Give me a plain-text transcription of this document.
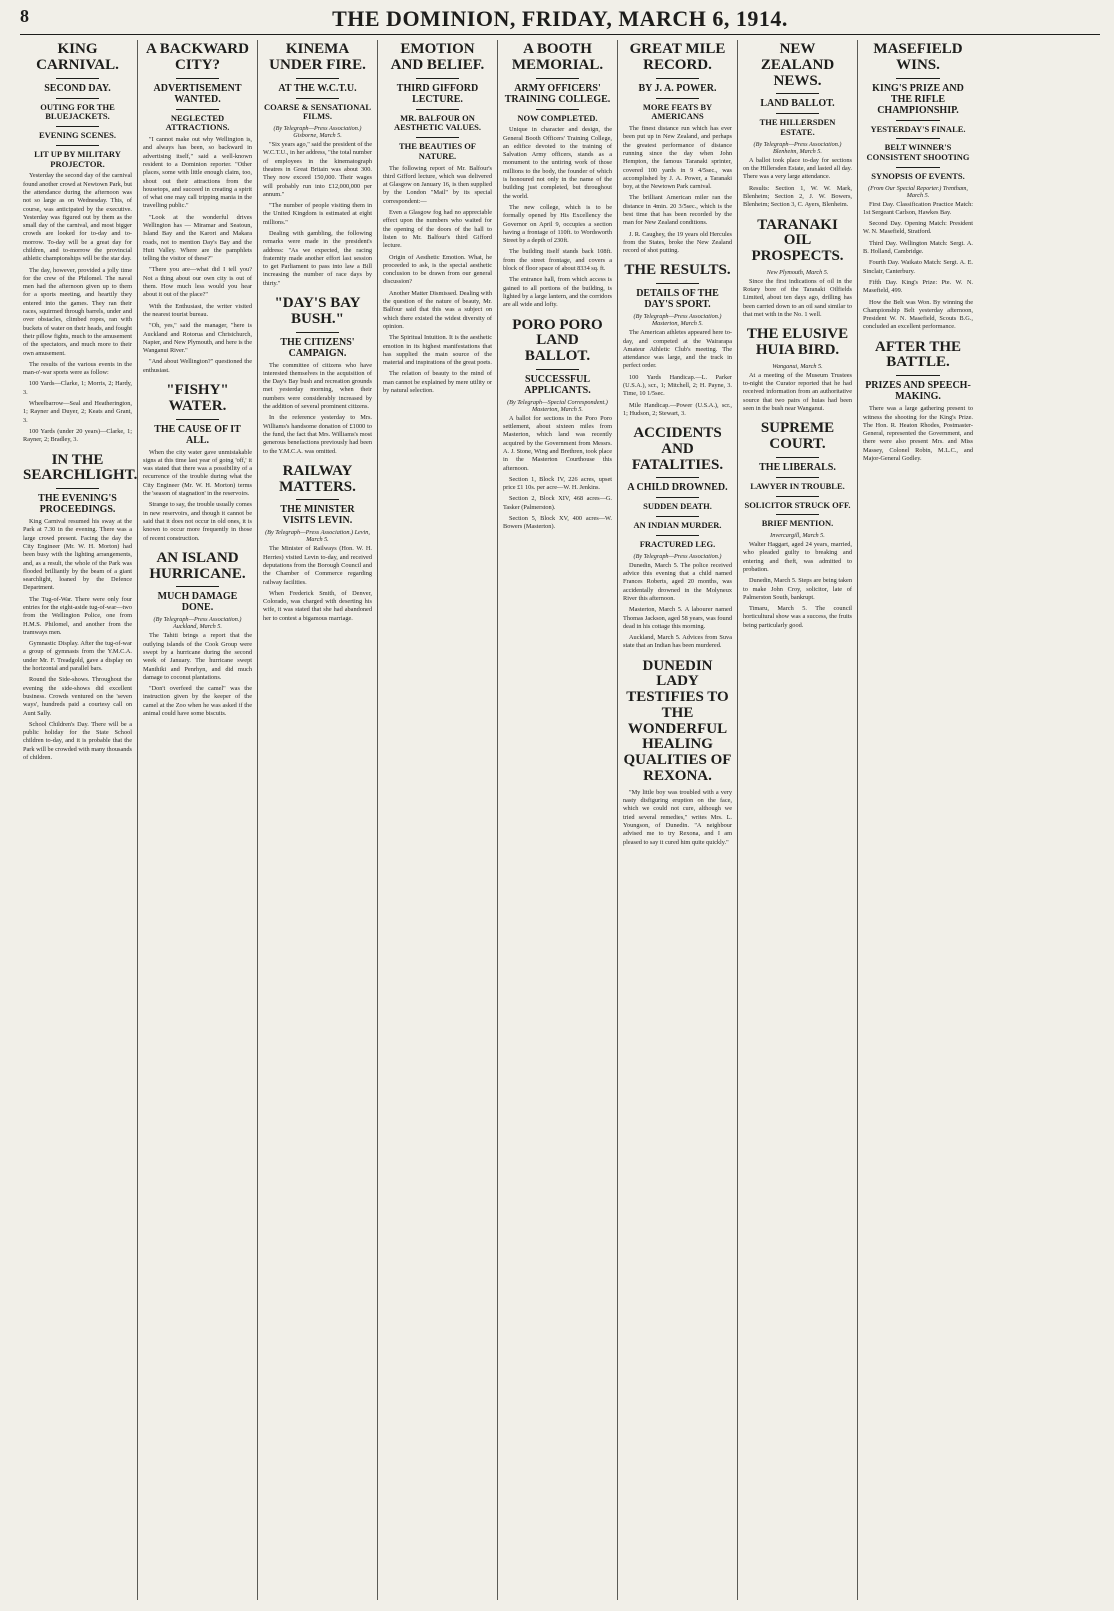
8	THE DOMINION, FRIDAY, MARCH 6, 1914.
KING CARNIVAL.
SECOND DAY.
OUTING FOR THE BLUEJACKETS.
EVENING SCENES.
LIT UP BY MILITARY PROJECTOR.

Yesterday the second day of the carnival found another crowd at Newtown Park, but the attendance during the afternoon was not so large as on Wednesday. This, of course, was anticipated by the executive. Yesterday was figured out by them as the small day of the carnival, and most bigger crowds are looked for to-day and to-morrow. To-day will be a great day for children, and to-morrow the provincial athletic championships will be the star day.

The day, however, provided a jolly time for the crew of the Philomel. The naval men had the afternoon given up to them for a sports meeting, and heartily they entered into the games. They ran their races, squirmed through barrels, under and over obstacles, climbed ropes, ran with buckets of water on their heads, and fought their pillow fights, much to the amusement of the spectators, and much more to their own amusement.

The results of the various events in the man-o'-war sports were as follow:

100 Yards—Clarke, 1; Morris, 2; Hardy, 3.

Wheelbarrow—Seal and Heatherington, 1; Rayner and Duyer, 2; Keats and Grant, 3.

100 Yards (under 20 years)—Clarke, 1; Rayner, 2; Bradley, 3.

IN THE SEARCHLIGHT.
THE EVENING'S PROCEEDINGS.

King Carnival resumed his sway at the Park at 7.30 in the evening. There was a large crowd present. Facing the day the City Engineer (Mr. W. H. Morton) had been busy with the lighting arrangements, and, as a result, the whole of the Park was flooded brilliantly by the beam of a giant searchlight, loaned by the Defence Department.

The Tug-of-War. There were only four entries for the eight-aside tug-of-war—two from the Wellington Police, one from H.M.S. Philomel, and another from the tramways men.

Gymnastic Display. After the tug-of-war a group of gymnasts from the Y.M.C.A. under Mr. F. Treadgold, gave a display on the horizontal and parallel bars.

Round the Side-shows. Throughout the evening the side-shows did excellent business. Crowds ventured on the 'seven ways', hundreds paid a courtesy call on Aunt Sally.

School Children's Day. There will be a public holiday for the State School children to-day, and it is probable that the Park will be crowded with many thousands of children.

A BACKWARD CITY?
ADVERTISEMENT WANTED.
NEGLECTED ATTRACTIONS.

"I cannot make out why Wellington is, and always has been, so backward in advertising itself," said a well-known resident to a Dominion reporter. "Other places, some with little enough claim, too, shout out their attractions from the housetops, and succeed in creating a spirit of what one may call tripping mania in the travelling public."

"Look at the wonderful drives Wellington has — Miramar and Seatoun, Island Bay and the Karori and Makara roads, not to mention Day's Bay and the Hutt Valley. Where are the pamphlets telling the visitor of these?"

"There you are—what did I tell you? Not a thing about our own city is out of them. How much less would you hear about it out of the place?"

With the Enthusiast, the writer visited the nearest tourist bureau.

"Oh, yes," said the manager, "here is Auckland and Rotorua and Christchurch, Napier, and New Plymouth, and here is the Wanganui River."

"And about Wellington?" questioned the enthusiast.

"FISHY" WATER.
THE CAUSE OF IT ALL.

When the city water gave unmistakable signs at this time last year of going 'off,' it was stated that there was a possibility of a recurrence of the trouble during what the City Engineer (Mr. W. H. Morton) terms the 'season of stagnation' in the reservoirs.

Strange to say, the trouble usually comes in new reservoirs, and though it cannot be said that it does not occur in old ones, it is known to occur more frequently in those of recent construction.

AN ISLAND HURRICANE.
MUCH DAMAGE DONE.
(By Telegraph—Press Association.) Auckland, March 5.

The Tahiti brings a report that the outlying islands of the Cook Group were swept by a hurricane during the second week of January. The hurricane swept Manihiki and Penrhyn, and did much damage to coconut plantations.

"Don't overfeed the camel" was the instruction given by the keeper of the camel at the Zoo when he was asked if the animal could have some biscuits.

KINEMA UNDER FIRE.
AT THE W.C.T.U.
COARSE & SENSATIONAL FILMS.
(By Telegraph—Press Association.) Gisborne, March 5.

"Six years ago," said the president of the W.C.T.U., in her address, "the total number of employees in the kinematograph theatres in Great Britain was about 300. They now exceed 150,000. Their wages will probably run into £12,000,000 per annum."

"The number of people visiting them in the United Kingdom is estimated at eight millions."

Dealing with gambling, the following remarks were made in the president's address: "As we expected, the racing fraternity made another effort last session to get Parliament to pass into law a Bill increasing the number of race days by thirty."

"DAY'S BAY BUSH."
THE CITIZENS' CAMPAIGN.

The committee of citizens who have interested themselves in the acquisition of the Day's Bay bush and recreation grounds met yesterday morning, when their numbers were considerably increased by the addition of several prominent citizens.

In the reference yesterday to Mrs. Williams's handsome donation of £1000 to the fund, the fact that Mrs. Williams's most generous benefactions previously had been to the Y.M.C.A. was omitted.

RAILWAY MATTERS.
THE MINISTER VISITS LEVIN.
(By Telegraph—Press Association.) Levin, March 5.

The Minister of Railways (Hon. W. H. Herries) visited Levin to-day, and received deputations from the Borough Council and the Chamber of Commerce regarding railway facilities.

When Frederick Smith, of Denver, Colorado, was charged with deserting his wife, it was stated that she had abandoned her to contest a bigamous marriage.

EMOTION AND BELIEF.
THIRD GIFFORD LECTURE.
MR. BALFOUR ON AESTHETIC VALUES.
THE BEAUTIES OF NATURE.

The following report of Mr. Balfour's third Gifford lecture, which was delivered at Glasgow on January 16, is then supplied by the London "Mail" by its special correspondent:—

Even a Glasgow fog had no appreciable effect upon the numbers who waited for the opening of the doors of the hall to listen to Mr. Balfour's third Gifford lecture.

Origin of Aesthetic Emotion. What, he proceeded to ask, is the special aesthetic conclusion to be drawn from our general discussion?

Another Matter Dismissed. Dealing with the question of the nature of beauty, Mr. Balfour said that this was a subject on which there existed the widest diversity of opinion.

The Spiritual Intuition. It is the aesthetic emotion in its highest manifestations that has supplied the main source of the material and inspirations of the great poets.

The relation of beauty to the mind of man cannot be explained by mere utility or by natural selection.

A BOOTH MEMORIAL.
ARMY OFFICERS' TRAINING COLLEGE.
NOW COMPLETED.

Unique in character and design, the General Booth Officers' Training College, an edifice devoted to the training of Salvation Army officers, stands as a monument to the untiring work of those millions to the body, the founder of which is honoured not only in the name of the building just completed, but throughout the world.

The new college, which is to be formally opened by His Excellency the Governor on April 9, occupies a section having a frontage of 110ft. to Wordsworth Street by a depth of 230ft.

The building itself stands back 108ft. from the street frontage, and covers a block of floor space of about 8334 sq. ft.

The entrance hall, from which access is gained to all portions of the building, is lighted by a large lantern, and the corridors are all wide and lofty.

PORO PORO LAND BALLOT.
SUCCESSFUL APPLICANTS.
(By Telegraph—Special Correspondent.) Masterton, March 5.

A ballot for sections in the Poro Poro settlement, about sixteen miles from Masterton, which land was recently acquired by the Government from Messrs. A. J. Stone, Wing and Brethren, took place in the Masterton Courthouse this afternoon.

Section 1, Block IV, 226 acres, upset price £1 10s. per acre—W. H. Jenkins.

Section 2, Block XIV, 468 acres—G. Tasker (Palmerston).

Section 5, Block XV, 400 acres—W. Bowers (Masterton).

GREAT MILE RECORD.
BY J. A. POWER.
MORE FEATS BY AMERICANS

The finest distance run which has ever been put up in New Zealand, and perhaps the greatest performance of distance running since the day when John Hempton, the famous Taranaki sprinter, covered 100 yards in 9 4/5sec., was accomplished by J. A. Power, a Taranaki boy, at the Newtown Park carnival.

The brilliant American miler ran the distance in 4min. 20 3/5sec., which is the best time that has been recorded by the man for New Zealand conditions.

J. R. Caughey, the 19 years old Hercules from the States, broke the New Zealand record of shot putting.

THE RESULTS.
DETAILS OF THE DAY'S SPORT.
(By Telegraph—Press Association.) Masterton, March 5.

The American athletes appeared here to-day, and competed at the Wairarapa Amateur Athletic Club's meeting. The attendance was large, and the track in perfect order.

100 Yards Handicap.—L. Parker (U.S.A.), scr., 1; Mitchell, 2; H. Payne, 3. Time, 10 1/5sec.

Mile Handicap.—Power (U.S.A.), scr., 1; Hudson, 2; Stewart, 3.

ACCIDENTS AND FATALITIES.
A CHILD DROWNED.
SUDDEN DEATH.
AN INDIAN MURDER.
FRACTURED LEG.
(By Telegraph—Press Association.)

Dunedin, March 5. The police received advice this evening that a child named Frances Roberts, aged 20 months, was accidentally drowned in the Molyneux River this afternoon.

Masterton, March 5. A labourer named Thomas Jackson, aged 58 years, was found dead in his cottage this morning.

Auckland, March 5. Advices from Suva state that an Indian has been murdered.

DUNEDIN LADY TESTIFIES TO THE WONDERFUL HEALING QUALITIES OF REXONA.

"My little boy was troubled with a very nasty disfiguring eruption on the face, which we could not cure, although we tried several remedies," writes Mrs. L. Youngson, of Dunedin. "A neighbour advised me to try Rexona, and I am pleased to say it cured him quite quickly."

NEW ZEALAND NEWS.
LAND BALLOT.
THE HILLERSDEN ESTATE.
(By Telegraph—Press Association.) Blenheim, March 5.

A ballot took place to-day for sections on the Hillersden Estate, and lasted all day. There was a very large attendance.

Results: Section 1, W. W. Mark, Blenheim; Section 2, J. W. Bowers, Blenheim; Section 3, C. Ayers, Blenheim.

TARANAKI OIL PROSPECTS.
New Plymouth, March 5.

Since the first indications of oil in the Rotary bore of the Taranaki Oilfields Limited, about ten days ago, drilling has been carried down to an oil sand similar to that met with in the No. 1 well.

THE ELUSIVE HUIA BIRD.
Wanganui, March 5.

At a meeting of the Museum Trustees to-night the Curator reported that he had received information from an authoritative source that two pairs of huias had been seen in the bush near Wanganui.

SUPREME COURT.
THE LIBERALS.
LAWYER IN TROUBLE.
SOLICITOR STRUCK OFF.
BRIEF MENTION.
Invercargill, March 5.

Walter Haggart, aged 24 years, married, who pleaded guilty to breaking and entering and theft, was admitted to probation.

Dunedin, March 5. Steps are being taken to make John Croy, solicitor, late of Palmerston South, bankrupt.

Timaru, March 5. The council horticultural show was a success, the fruits being particularly good.

MASEFIELD WINS.
KING'S PRIZE AND THE RIFLE CHAMPIONSHIP.
YESTERDAY'S FINALE.
BELT WINNER'S CONSISTENT SHOOTING
SYNOPSIS OF EVENTS.
(From Our Special Reporter.) Trentham, March 5.

First Day. Classification Practice Match: 1st Sergeant Carlson, Hawkes Bay.

Second Day. Opening Match: President W. N. Masefield, Stratford.

Third Day. Wellington Match: Sergt. A. B. Holland, Cambridge.

Fourth Day. Waikato Match: Sergt. A. E. Sinclair, Canterbury.

Fifth Day. King's Prize: Pte. W. N. Masefield, 499.

How the Belt was Won. By winning the Championship Belt yesterday afternoon, President W. N. Masefield, Scouts B.G., concluded an excellent performance.

AFTER THE BATTLE.
PRIZES AND SPEECH-MAKING.

There was a large gathering present to witness the shooting for the King's Prize. The Hon. R. Heaton Rhodes, Postmaster-General, represented the Government, and there were also present Mrs. and Miss Massey, Colonel Robin, M.L.C., and Major-General Godley.
